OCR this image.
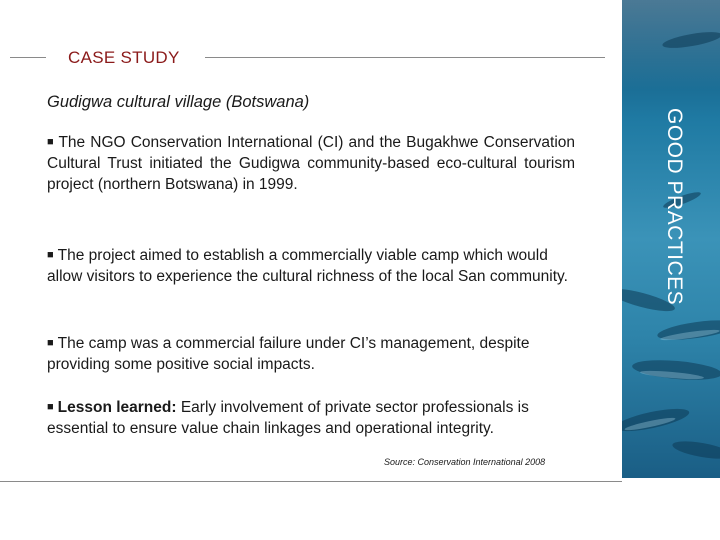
CASE STUDY
Gudigwa cultural village (Botswana)

■ The NGO Conservation International (CI) and the Bugakhwe Conservation Cultural Trust initiated the Gudigwa community-based eco-cultural tourism project (northern Botswana) in 1999.

■ The project aimed to establish a commercially viable camp which would allow visitors to experience the cultural richness of the local San community.

■ The camp was a commercial failure under CI’s management, despite providing some positive social impacts.

■ Lesson learned: Early involvement of private sector professionals is essential to ensure value chain linkages and operational integrity.

Source: Conservation International 2008
GOOD PRACTICES
